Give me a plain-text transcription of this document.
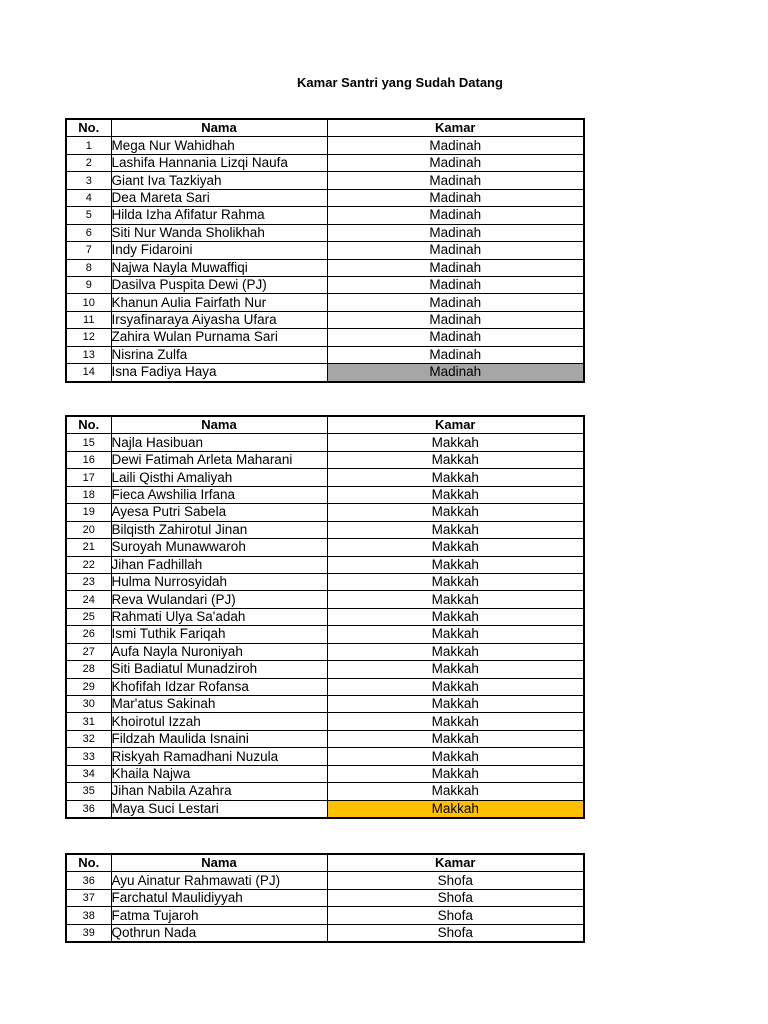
Kamar Santri yang Sudah Datang
No.	Nama	Kamar
1	Mega Nur Wahidhah	Madinah
2	Lashifa Hannania Lizqi Naufa	Madinah
3	Giant Iva Tazkiyah	Madinah
4	Dea Mareta Sari	Madinah
5	Hilda Izha Afifatur Rahma	Madinah
6	Siti Nur Wanda Sholikhah	Madinah
7	Indy Fidaroini	Madinah
8	Najwa Nayla Muwaffiqi	Madinah
9	Dasilva Puspita Dewi (PJ)	Madinah
10	Khanun Aulia Fairfath Nur	Madinah
11	Irsyafinaraya Aiyasha Ufara	Madinah
12	Zahira Wulan Purnama Sari	Madinah
13	Nisrina Zulfa	Madinah
14	Isna Fadiya Haya	Madinah
No.	Nama	Kamar
15	Najla Hasibuan	Makkah
16	Dewi Fatimah Arleta Maharani	Makkah
17	Laili Qisthi Amaliyah	Makkah
18	Fieca Awshilia Irfana	Makkah
19	Ayesa Putri Sabela	Makkah
20	Bilqisth Zahirotul Jinan	Makkah
21	Suroyah Munawwaroh	Makkah
22	Jihan Fadhillah	Makkah
23	Hulma Nurrosyidah	Makkah
24	Reva Wulandari (PJ)	Makkah
25	Rahmati Ulya Sa'adah	Makkah
26	Ismi Tuthik Fariqah	Makkah
27	Aufa Nayla Nuroniyah	Makkah
28	Siti Badiatul Munadziroh	Makkah
29	Khofifah Idzar Rofansa	Makkah
30	Mar'atus Sakinah	Makkah
31	Khoirotul Izzah	Makkah
32	Fildzah Maulida Isnaini	Makkah
33	Riskyah Ramadhani Nuzula	Makkah
34	Khaila Najwa	Makkah
35	Jihan Nabila Azahra	Makkah
36	Maya Suci Lestari	Makkah
No.	Nama	Kamar
36	Ayu Ainatur Rahmawati (PJ)	Shofa
37	Farchatul Maulidiyyah	Shofa
38	Fatma Tujaroh	Shofa
39	Qothrun Nada	Shofa
